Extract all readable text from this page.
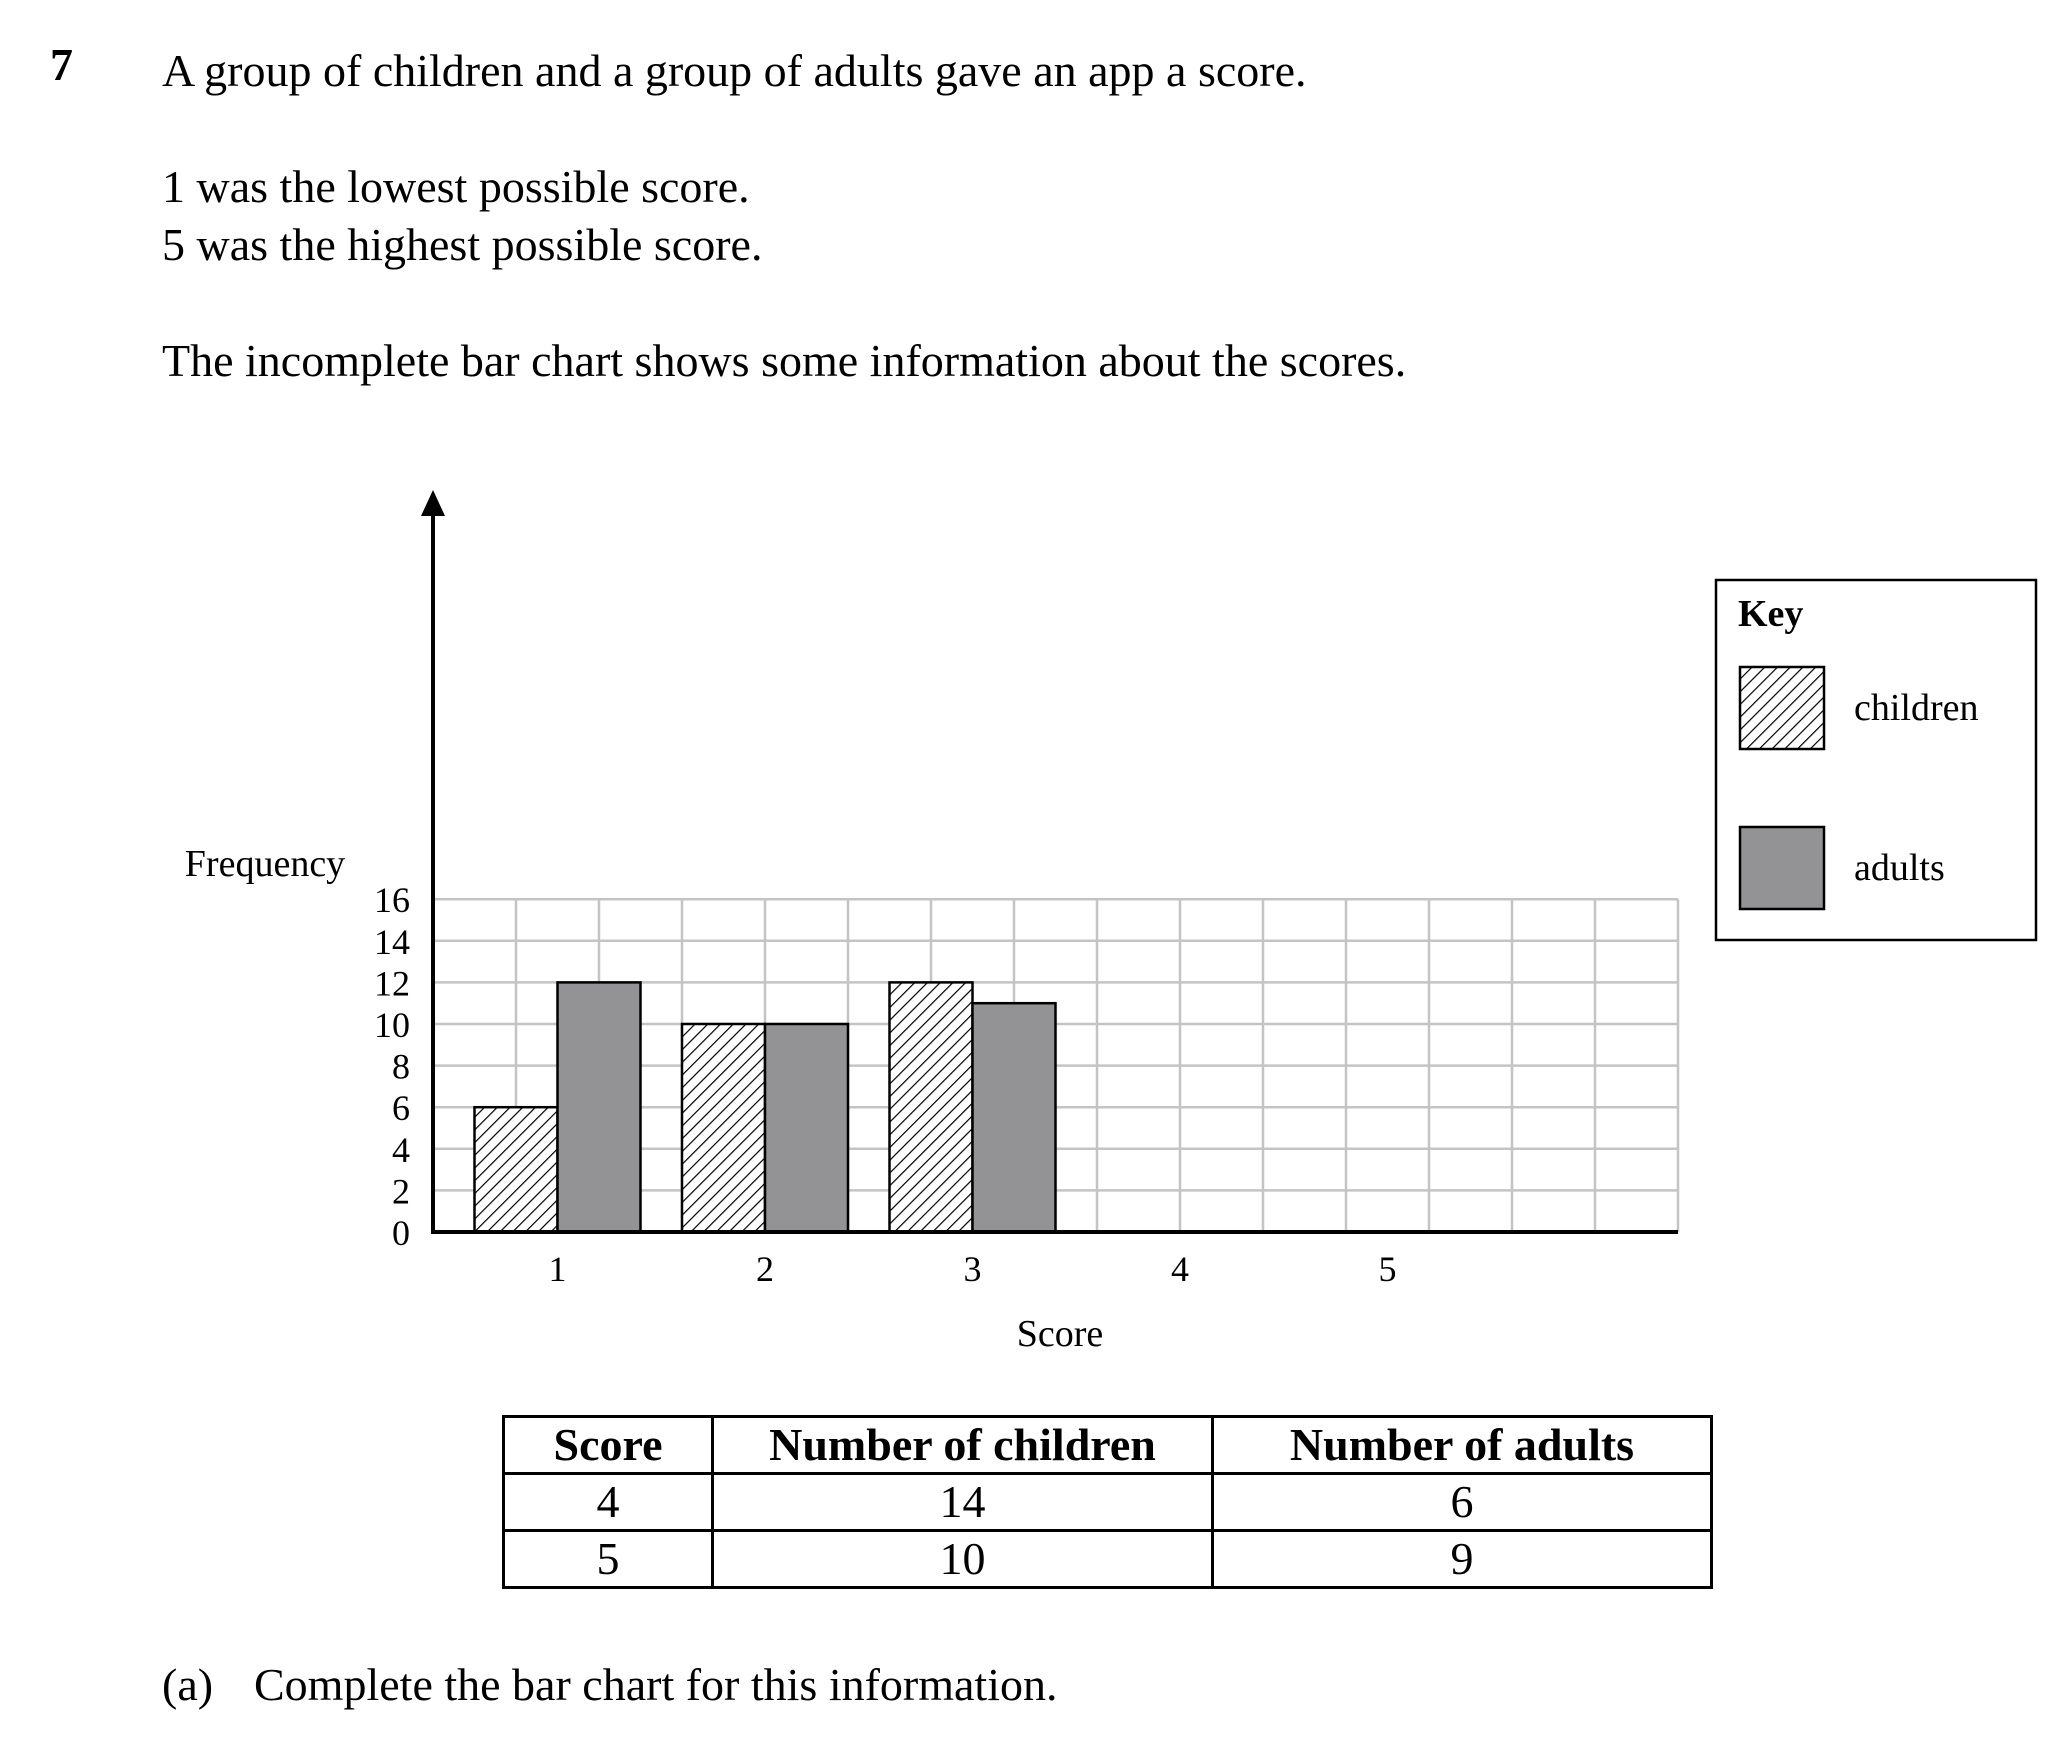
7 A group of children and a group of adults gave an app a score.

1 was the lowest possible score.

5 was the highest possible score.

The incomplete bar chart shows some information about the scores.

0
2
4
6
8
10
12
14
16
1	2	3	4	5
Frequency
Score
Key
children
adults
Score	Number of children	Number of adults
4	14	6
5	10	9
(a) Complete the bar chart for this information.
